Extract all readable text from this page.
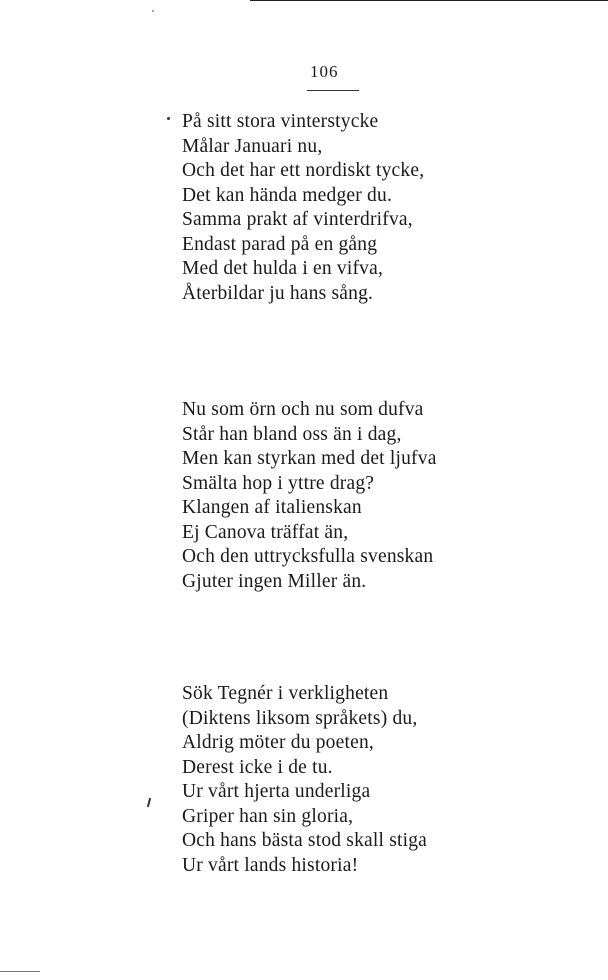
106
På sitt stora vinterstycke
Målar Januari nu,
Och det har ett nordiskt tycke,
Det kan hända medger du.
Samma prakt af vinterdrifva,
Endast parad på en gång
Med det hulda i en vifva,
Återbildar ju hans sång.
Nu som örn och nu som dufva
Står han bland oss än i dag,
Men kan styrkan med det ljufva
Smälta hop i yttre drag?
Klangen af italienskan
Ej Canova träffat än,
Och den uttrycksfulla svenskan
Gjuter ingen Miller än.
Sök Tegnér i verkligheten
(Diktens liksom språkets) du,
Aldrig möter du poeten,
Derest icke i de tu.
Ur vårt hjerta underliga
Griper han sin gloria,
Och hans bästa stod skall stiga
Ur vårt lands historia!
